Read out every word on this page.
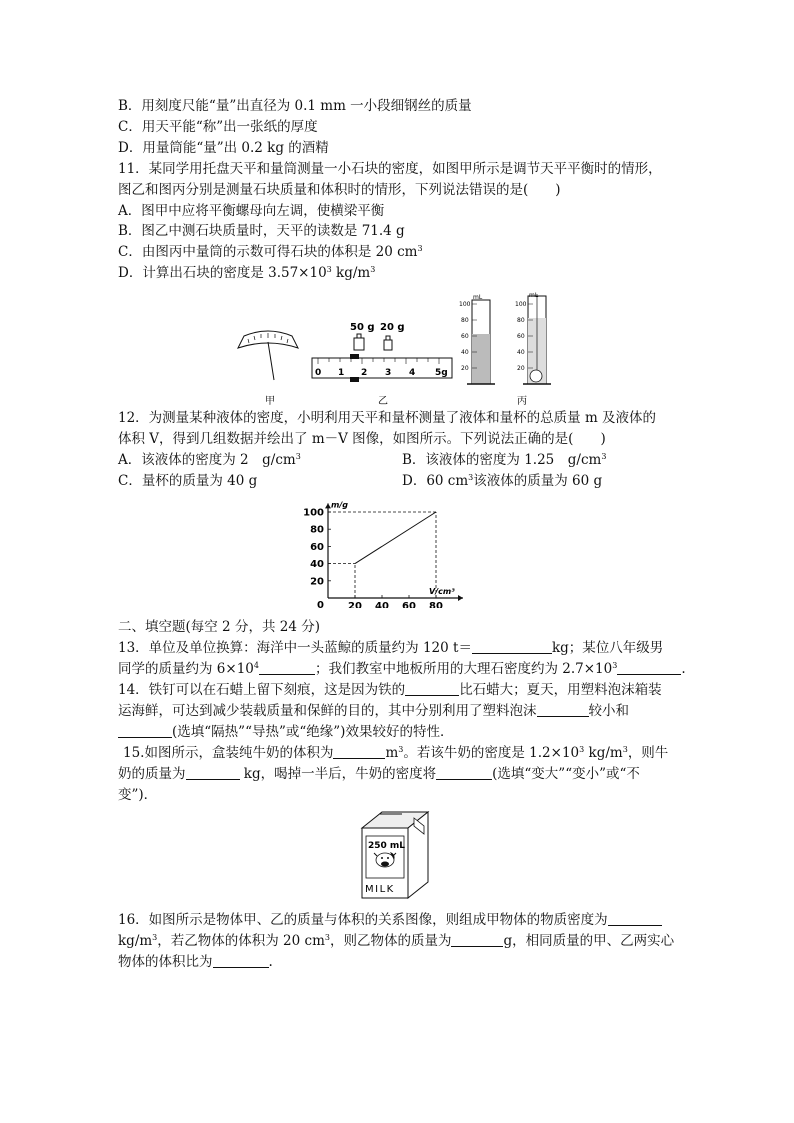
B．用刻度尺能“量”出直径为 0.1 mm 一小段细钢丝的质量
C．用天平能“称”出一张纸的厚度
D．用量筒能“量”出 0.2 kg 的酒精
11．某同学用托盘天平和量筒测量一小石块的密度，如图甲所示是调节天平平衡时的情形，
图乙和图丙分别是测量石块质量和体积时的情形，下列说法错误的是(　　)
A．图甲中应将平衡螺母向左调，使横梁平衡
B．图乙中测石块质量时，天平的读数是 71.4 g
C．由图丙中量筒的示数可得石块的体积是 20 $cm^3$
D．计算出石块的密度是 $3.57\times 10^3$ $kg/m^3$
甲
50 g 20 g
0 1 2 3 4 5g
乙
mL
100
80
60
40
20
mL
100
80
60
40
20
丙
12．为测量某种液体的密度，小明利用天平和量杯测量了液体和量杯的总质量 m 及液体的
体积 V，得到几组数据并绘出了 m－V 图像，如图所示。下列说法正确的是(　　)
A．该液体的密度为 2　$g/cm^3$	B．该液体的密度为 1.25　$g/cm^3$
C．量杯的质量为 40 g	D．60 $cm^3$该液体的质量为 60 g
100
80
60
40
20
20 40 60 80
0
m/g
V/cm³
二、填空题(每空 2 分，共 24 分)
13．单位及单位换算：海洋中一头蓝鲸的质量约为 120 t＝	kg；某位八年级男
同学的质量约为 $6\times 10^4$	；我们教室中地板所用的大理石密度约为 $2.7\times 10^3$	.
14．铁钉可以在石蜡上留下刻痕，这是因为铁的	比石蜡大；夏天，用塑料泡沫箱装
运海鲜，可达到减少装载质量和保鲜的目的，其中分别利用了塑料泡沫	较小和
(选填“隔热”“导热”或“绝缘”)效果较好的特性．
15.如图所示，盒装纯牛奶的体积为	$m^3$。若该牛奶的密度是 $1.2\times 10^3$ $kg/m^3$，则牛
奶的质量为	kg，喝掉一半后，牛奶的密度将	(选填“变大”“变小”或“不
变”)．
250 mL
MILK
16．如图所示是物体甲、乙的质量与体积的关系图像，则组成甲物体的物质密度为
$kg/m^3$，若乙物体的体积为 20 $cm^3$，则乙物体的质量为	g，相同质量的甲、乙两实心
物体的体积比为	.
